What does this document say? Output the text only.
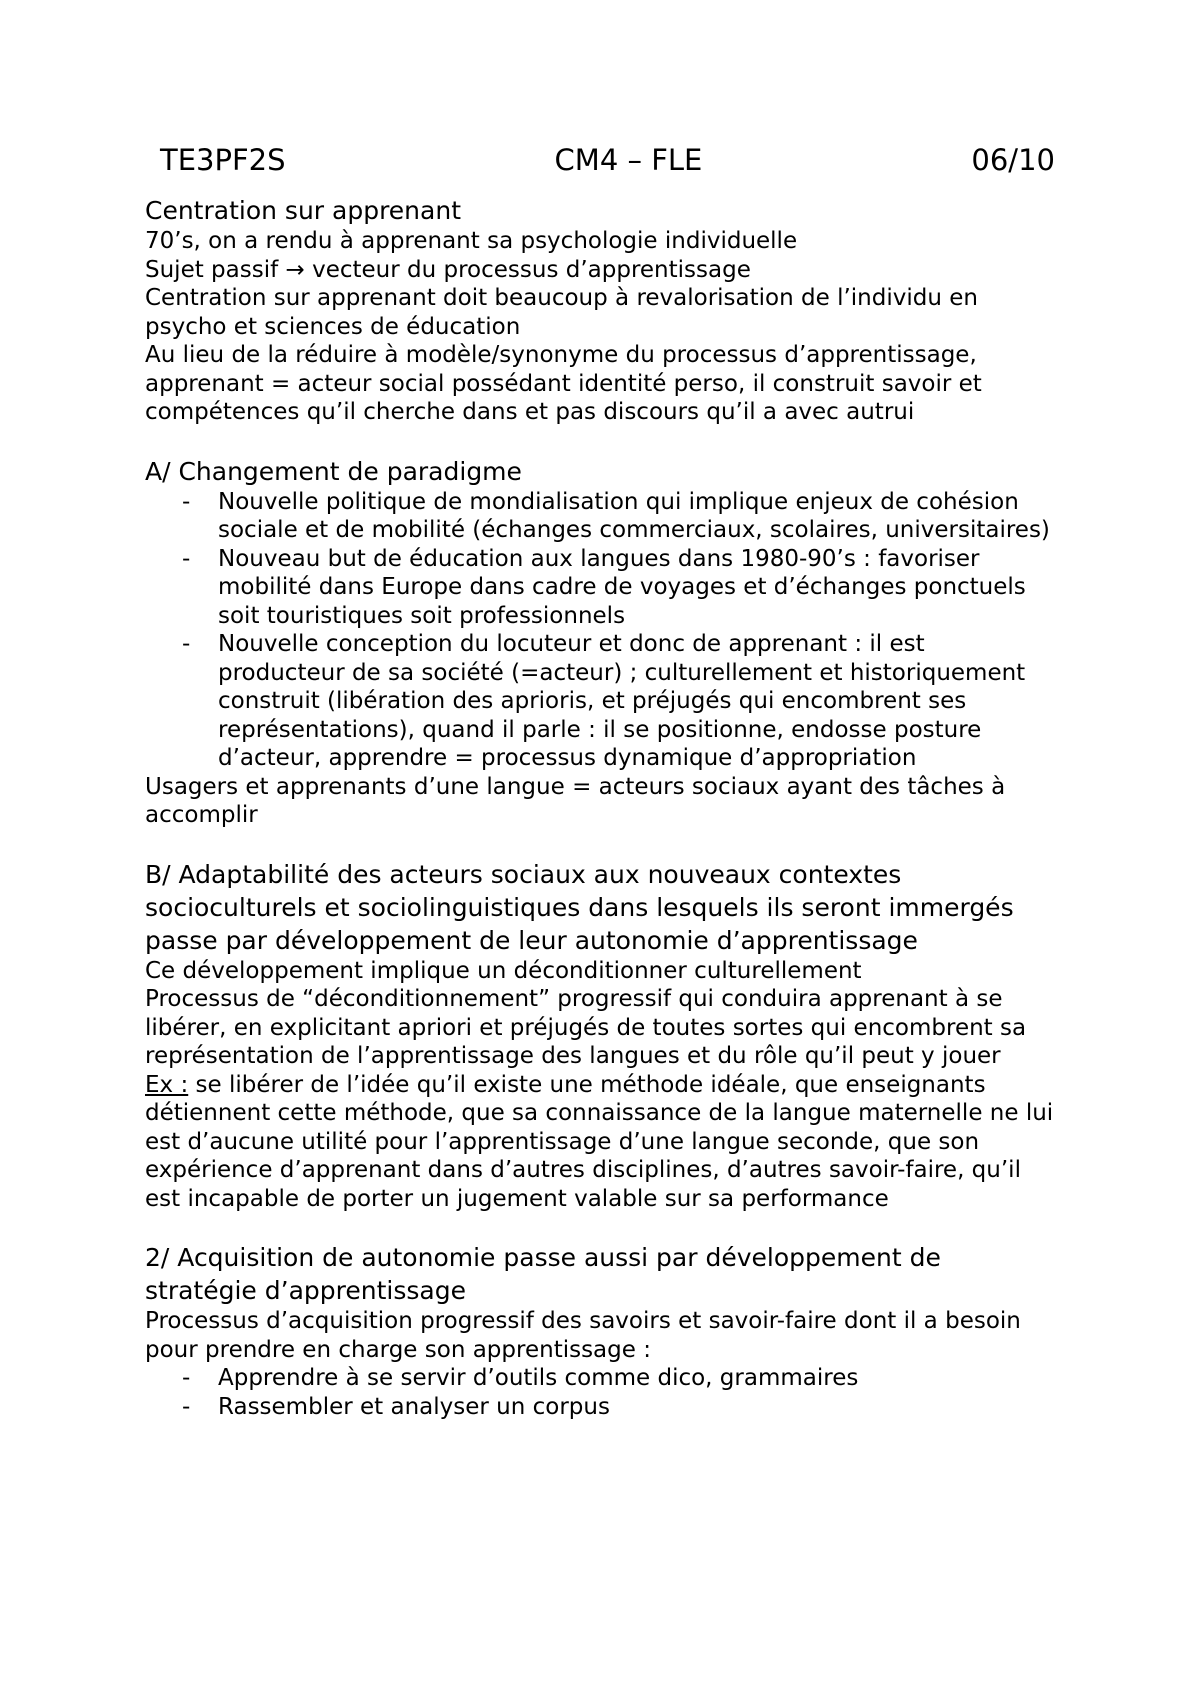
TE3PF2S	CM4 – FLE	06/10
Centration sur apprenant

70’s, on a rendu à apprenant sa psychologie individuelle

Sujet passif → vecteur du processus d’apprentissage

Centration sur apprenant doit beaucoup à revalorisation de l’individu en psycho et sciences de éducation

Au lieu de la réduire à modèle/synonyme du processus d’apprentissage, apprenant = acteur social possédant identité perso, il construit savoir et compétences qu’il cherche dans et pas discours qu’il a avec autrui

A/ Changement de paradigme
- Nouvelle politique de mondialisation qui implique enjeux de cohésion sociale et de mobilité (échanges commerciaux, scolaires, universitaires)
- Nouveau but de éducation aux langues dans 1980-90’s : favoriser mobilité dans Europe dans cadre de voyages et d’échanges ponctuels soit touristiques soit professionnels
- Nouvelle conception du locuteur et donc de apprenant : il est producteur de sa société (=acteur) ; culturellement et historiquement construit (libération des aprioris, et préjugés qui encombrent ses représentations), quand il parle : il se positionne, endosse posture d’acteur, apprendre = processus dynamique d’appropriation

Usagers et apprenants d’une langue = acteurs sociaux ayant des tâches à accomplir

B/ Adaptabilité des acteurs sociaux aux nouveaux contextes socioculturels et sociolinguistiques dans lesquels ils seront immergés passe par développement de leur autonomie d’apprentissage

Ce développement implique un déconditionner culturellement

Processus de “déconditionnement” progressif qui conduira apprenant à se libérer, en explicitant apriori et préjugés de toutes sortes qui encombrent sa représentation de l’apprentissage des langues et du rôle qu’il peut y jouer

Ex : se libérer de l’idée qu’il existe une méthode idéale, que enseignants détiennent cette méthode, que sa connaissance de la langue maternelle ne lui est d’aucune utilité pour l’apprentissage d’une langue seconde, que son expérience d’apprenant dans d’autres disciplines, d’autres savoir-faire, qu’il est incapable de porter un jugement valable sur sa performance

2/ Acquisition de autonomie passe aussi par développement de stratégie d’apprentissage

Processus d’acquisition progressif des savoirs et savoir-faire dont il a besoin pour prendre en charge son apprentissage :

- Apprendre à se servir d’outils comme dico, grammaires
- Rassembler et analyser un corpus
